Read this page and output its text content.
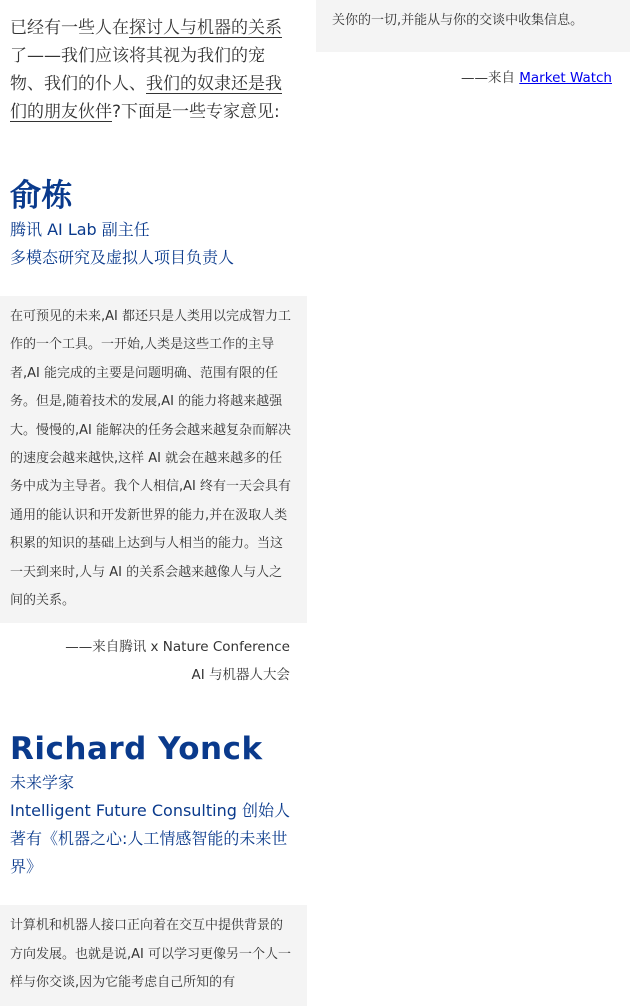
已经有一些人在探讨人与机器的关系了——我们应该将其视为我们的宠物、我们的仆人、我们的奴隶还是我们的朋友伙伴?下面是一些专家意见:

俞栋
腾讯 AI Lab 副主任
多模态研究及虚拟人项目负责人
在可预见的未来,AI 都还只是人类用以完成智力工作的一个工具。一开始,人类是这些工作的主导者,AI 能完成的主要是问题明确、范围有限的任务。但是,随着技术的发展,AI 的能力将越来越强大。慢慢的,AI 能解决的任务会越来越复杂而解决的速度会越来越快,这样 AI 就会在越来越多的任务中成为主导者。我个人相信,AI 终有一天会具有通用的能认识和开发新世界的能力,并在汲取人类积累的知识的基础上达到与人相当的能力。当这一天到来时,人与 AI 的关系会越来越像人与人之间的关系。
——来自腾讯 x Nature Conference
AI 与机器人大会
Richard Yonck
未来学家
Intelligent Future Consulting 创始人
著有《机器之心:人工情感智能的未来世界》
计算机和机器人接口正向着在交互中提供背景的方向发展。也就是说,AI 可以学习更像另一个人一样与你交谈,因为它能考虑自己所知的有
关你的一切,并能从与你的交谈中收集信息。
——来自 Market Watch
